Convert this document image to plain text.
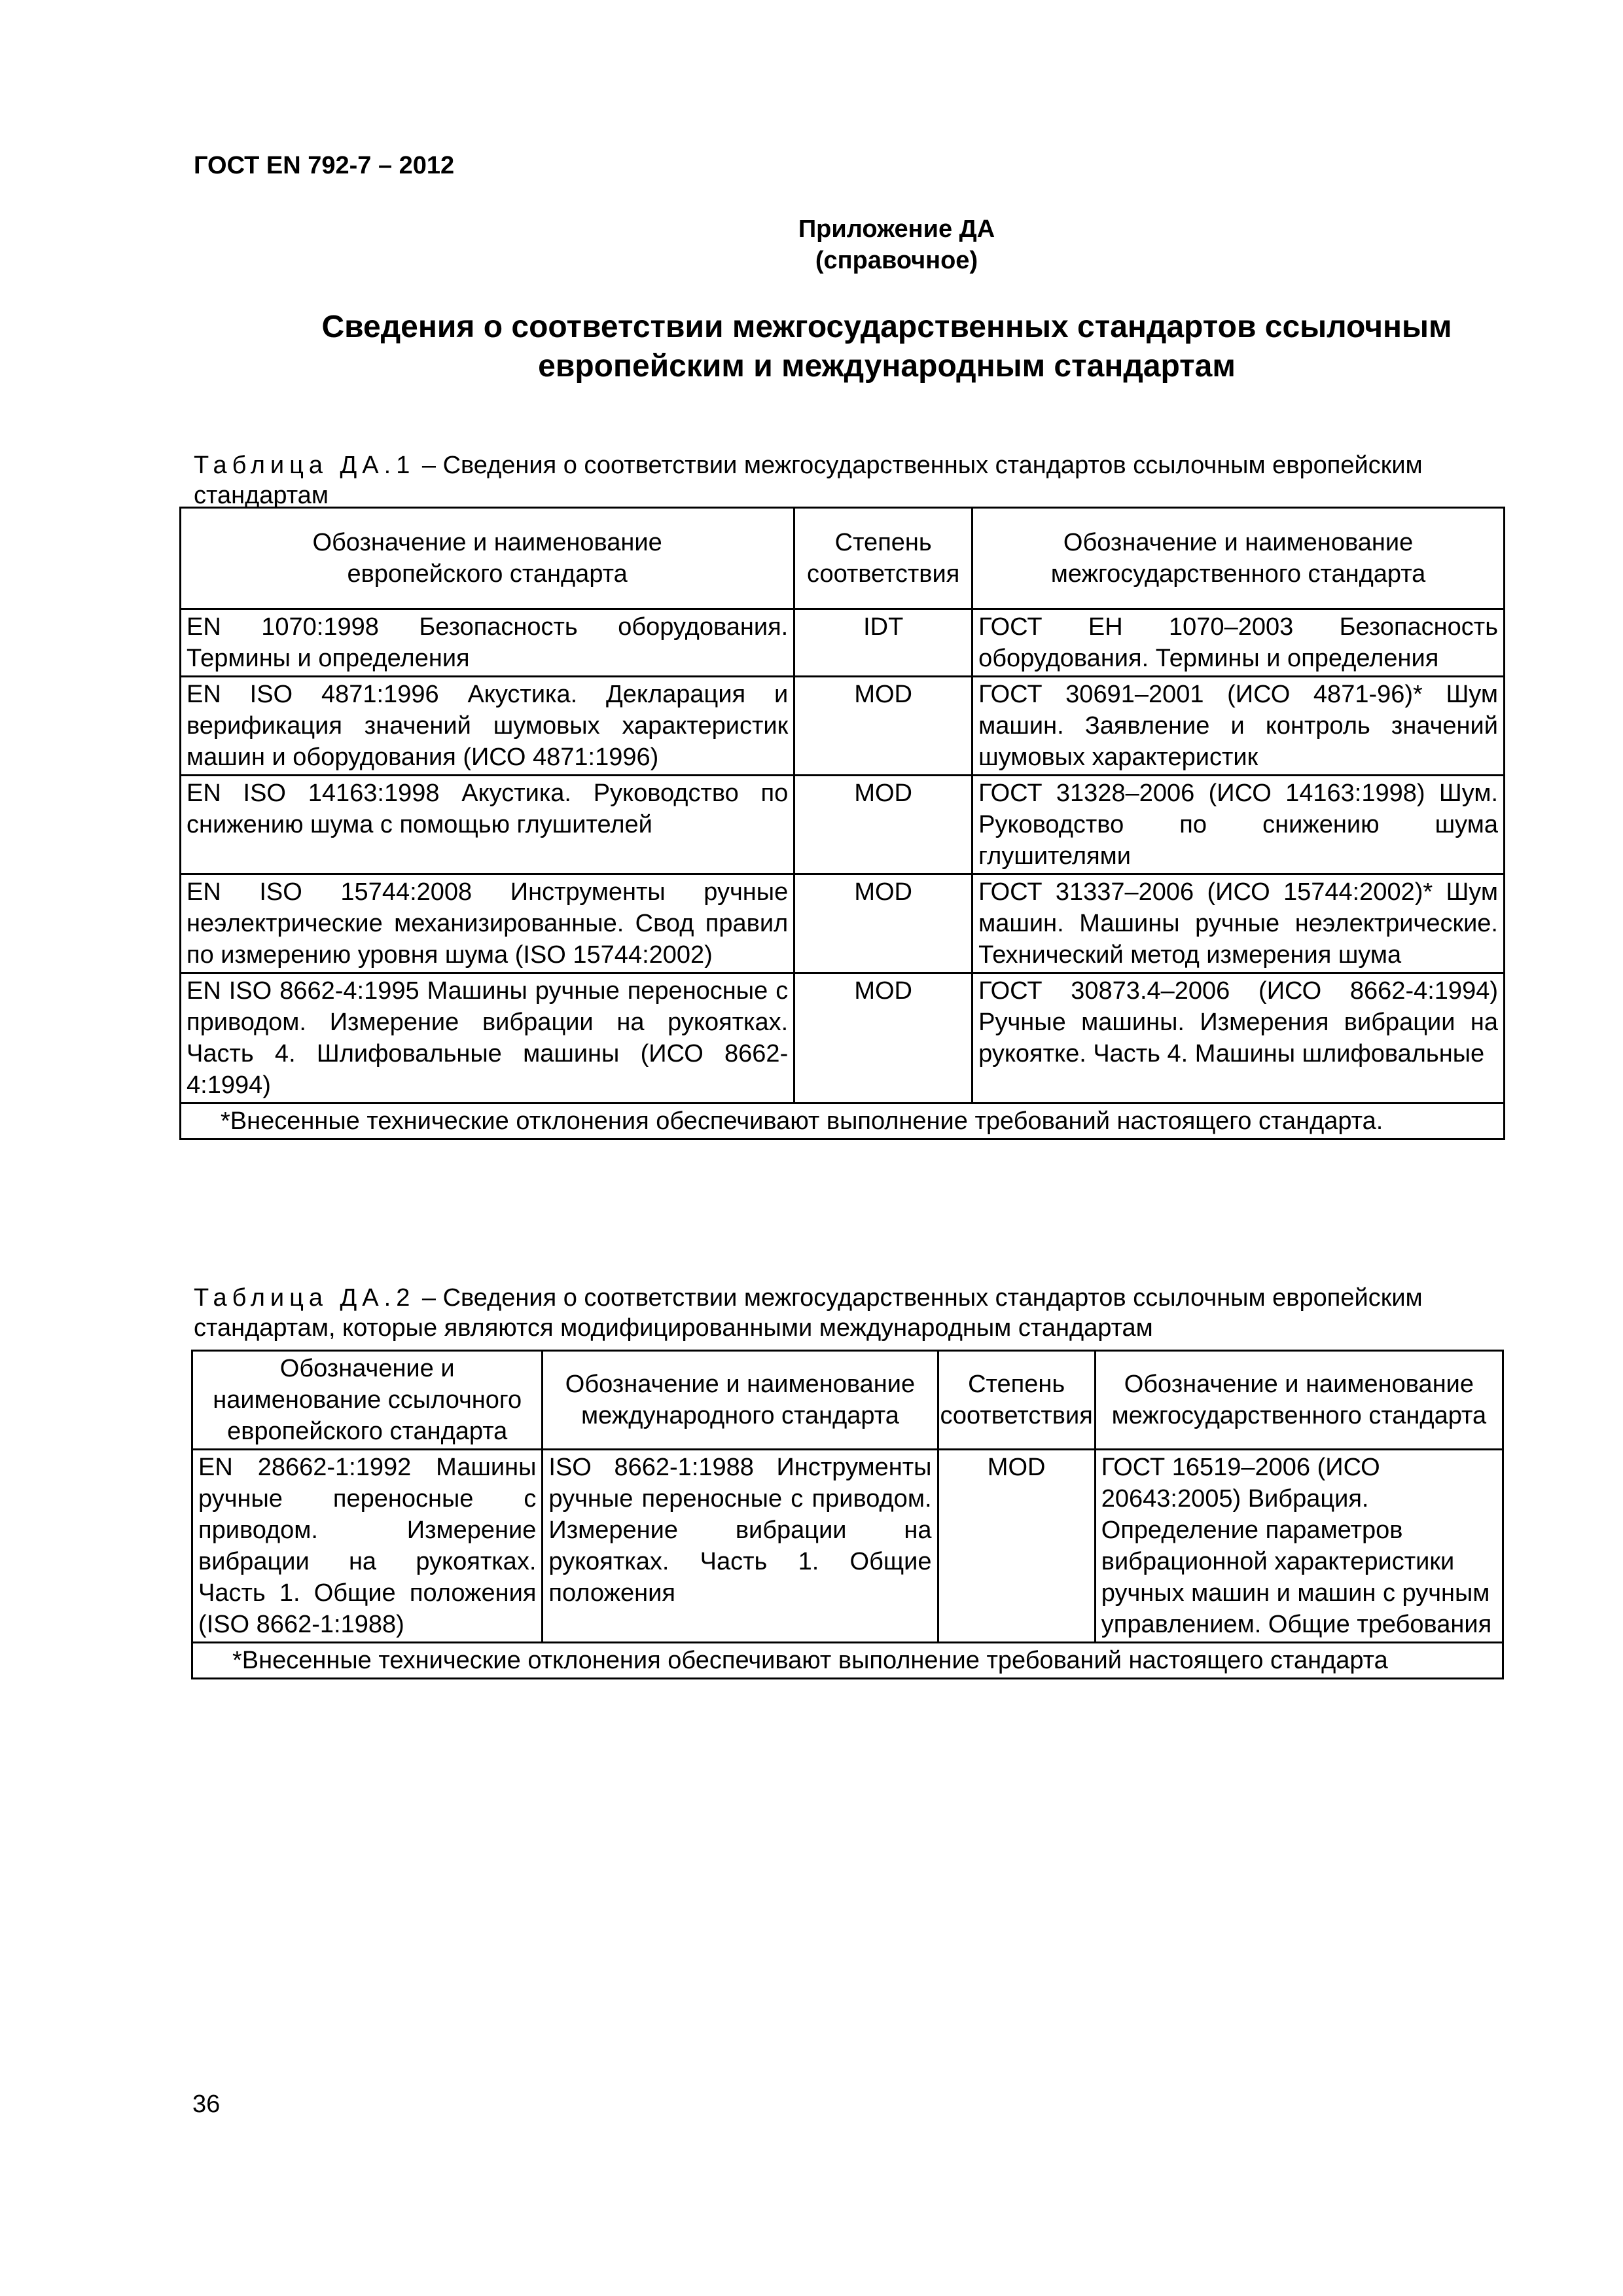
ГОСТ EN 792-7 – 2012
Приложение ДА
(справочное)
Сведения о соответствии межгосударственных стандартов ссылочным европейским и международным стандартам
Таблица ДА.1 – Сведения о соответствии межгосударственных стандартов ссылочным европейским стандартам
Обозначение и наименование европейского стандарта	Степень соответствия	Обозначение и наименование межгосударственного стандарта
EN 1070:1998 Безопасность оборудования. Термины и определения	IDT	ГОСТ ЕН 1070–2003 Безопасность оборудования. Термины и определения
EN ISO 4871:1996 Акустика. Декларация и верификация значений шумовых характеристик машин и оборудования (ИСО 4871:1996)	MOD	ГОСТ 30691–2001 (ИСО 4871-96)* Шум машин. Заявление и контроль значений шумовых характеристик
EN ISO 14163:1998 Акустика. Руководство по снижению шума с помощью глушителей	MOD	ГОСТ 31328–2006 (ИСО 14163:1998) Шум. Руководство по снижению шума глушителями
EN ISO 15744:2008 Инструменты ручные неэлектрические механизированные. Свод правил по измерению уровня шума (ISO 15744:2002)	MOD	ГОСТ 31337–2006 (ИСО 15744:2002)* Шум машин. Машины ручные неэлектрические. Технический метод измерения шума
EN ISO 8662-4:1995 Машины ручные переносные с приводом. Измерение вибрации на рукоятках. Часть 4. Шлифовальные машины (ИСО 8662-4:1994)	MOD	ГОСТ 30873.4–2006 (ИСО 8662-4:1994) Ручные машины. Измерения вибрации на рукоятке. Часть 4. Машины шлифовальные
*Внесенные технические отклонения обеспечивают выполнение требований настоящего стандарта.		
Таблица ДА.2 – Сведения о соответствии межгосударственных стандартов ссылочным европейским стандартам, которые являются модифицированными международным стандартам
Обозначение и наименование ссылочного европейского стандарта	Обозначение и наименование международного стандарта	Степень соответствия	Обозначение и наименование межгосударственного стандарта
EN 28662-1:1992 Машины ручные переносные с приводом. Измерение вибрации на рукоятках. Часть 1. Общие положения (ISO 8662-1:1988)	ISO 8662-1:1988 Инструменты ручные переносные с приводом. Измерение вибрации на рукоятках. Часть 1. Общие положения	MOD	ГОСТ 16519–2006 (ИСО 20643:2005) Вибрация. Определение параметров вибрационной характеристики ручных машин и машин с ручным управлением. Общие требования
*Внесенные технические отклонения обеспечивают выполнение требований настоящего стандарта			
36
